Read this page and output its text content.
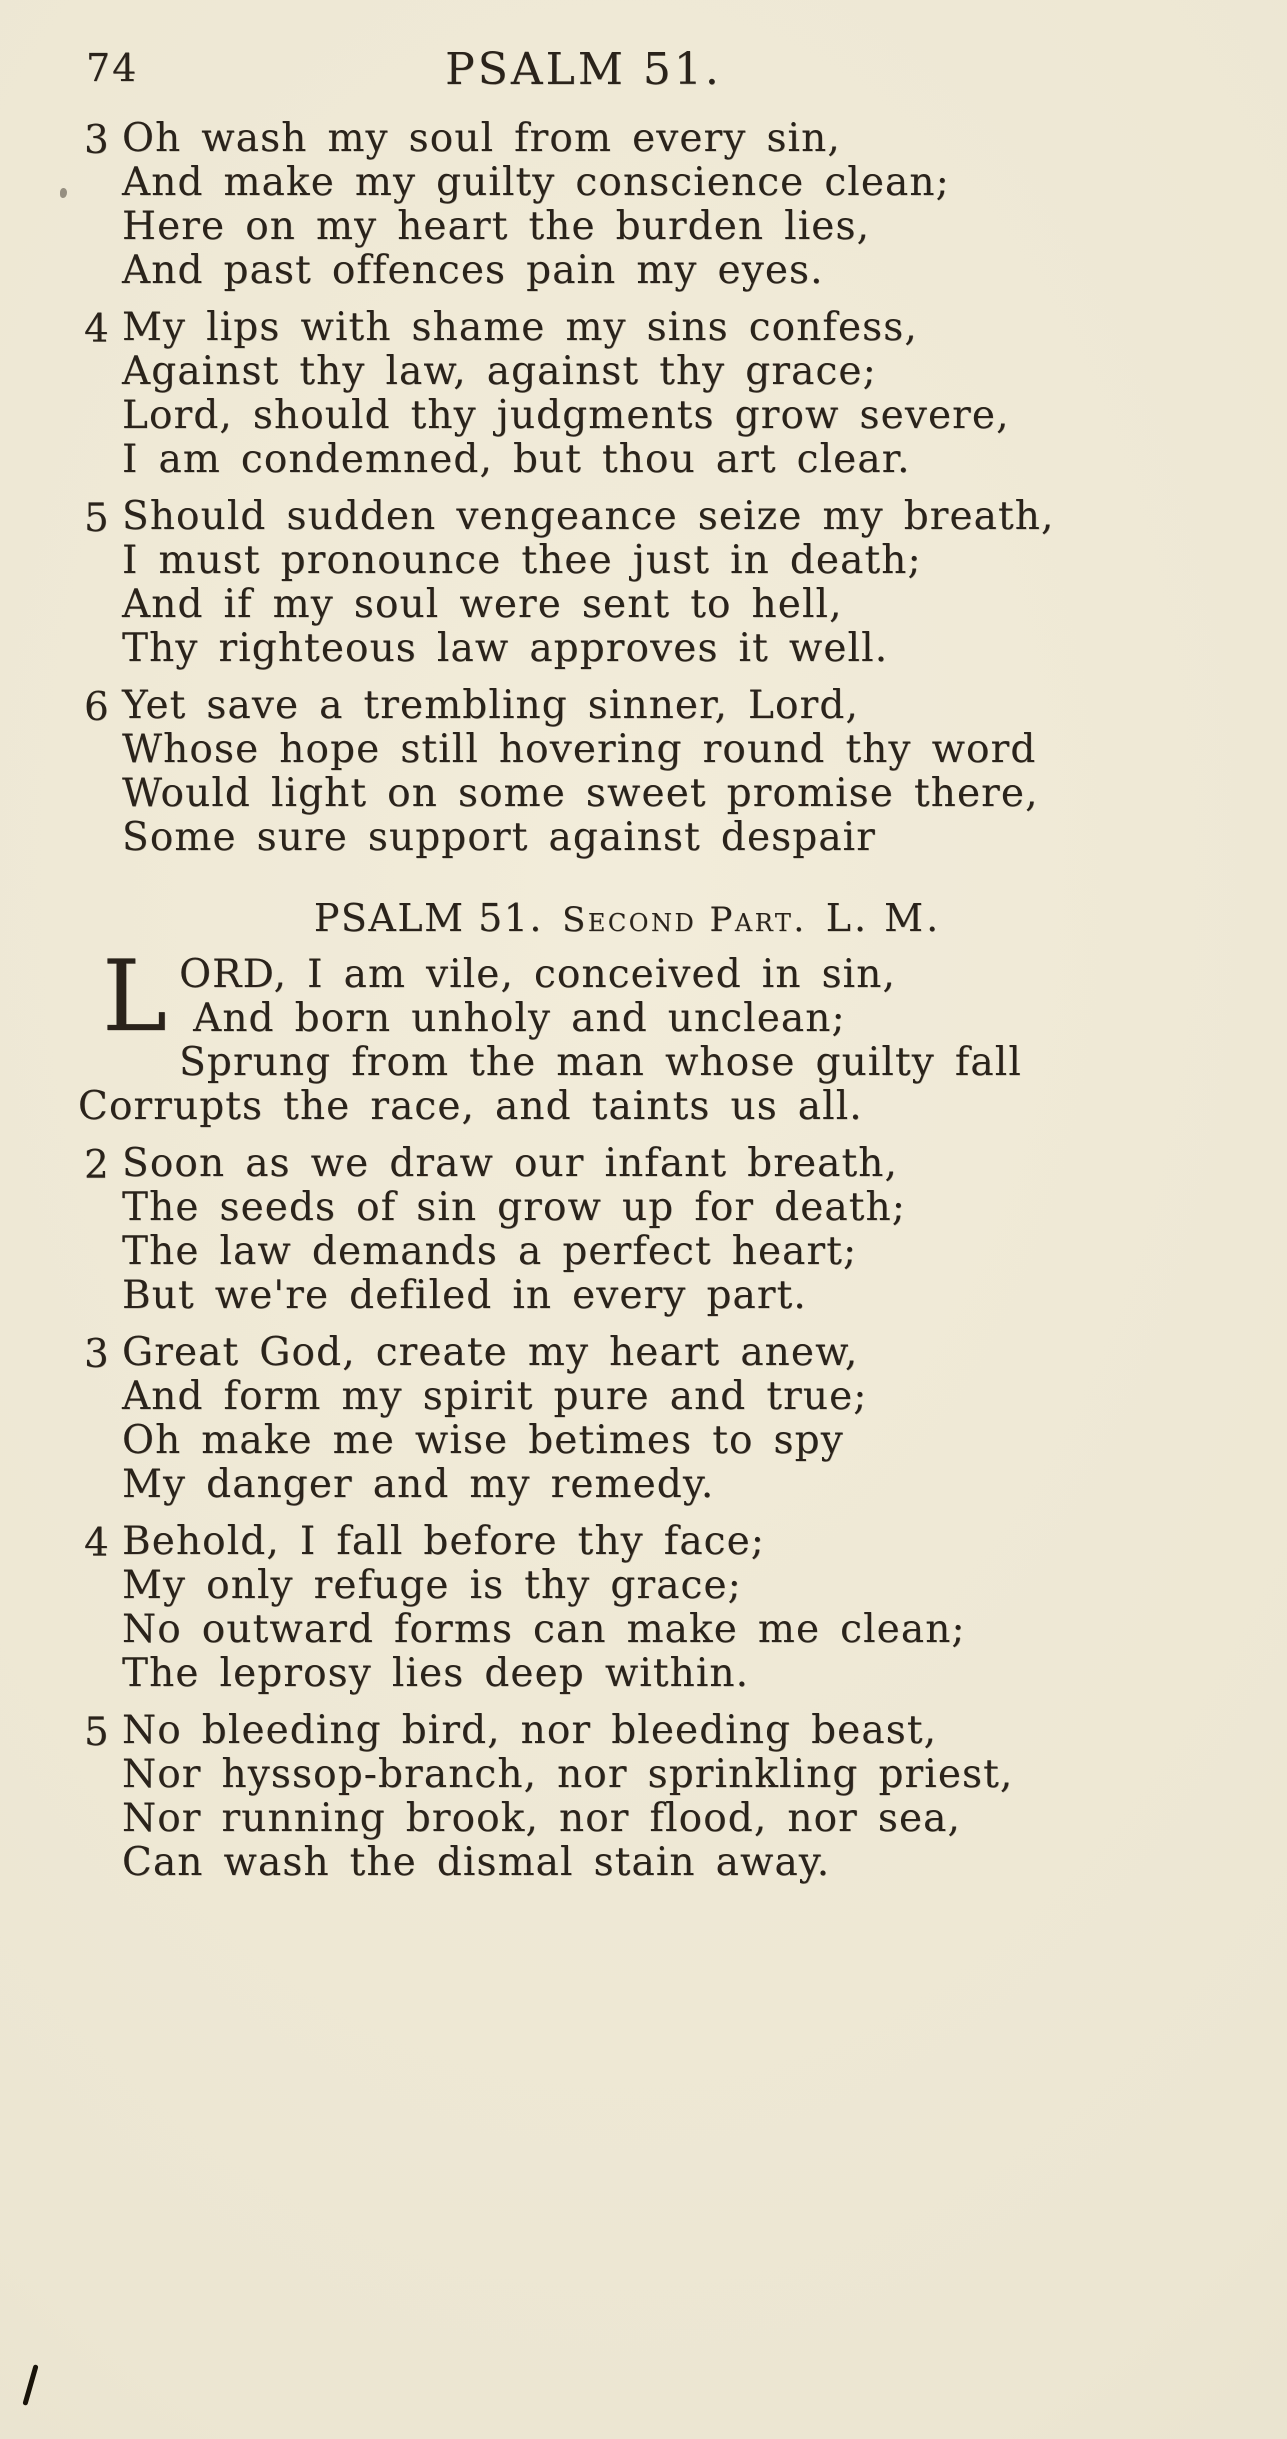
74	PSALM 51.
3 Oh wash my soul from every sin,
And make my guilty conscience clean;
Here on my heart the burden lies,
And past offences pain my eyes.
4 My lips with shame my sins confess,
Against thy law, against thy grace;
Lord, should thy judgments grow severe,
I am condemned, but thou art clear.
5 Should sudden vengeance seize my breath,
I must pronounce thee just in death;
And if my soul were sent to hell,
Thy righteous law approves it well.
6 Yet save a trembling sinner, Lord,
Whose hope still hovering round thy word
Would light on some sweet promise there,
Some sure support against despair
PSALM 51. Second Part. L. M.
L ORD, I am vile, conceived in sin,
And born unholy and unclean;
Sprung from the man whose guilty fall
Corrupts the race, and taints us all.
2 Soon as we draw our infant breath,
The seeds of sin grow up for death;
The law demands a perfect heart;
But we're defiled in every part.
3 Great God, create my heart anew,
And form my spirit pure and true;
Oh make me wise betimes to spy
My danger and my remedy.
4 Behold, I fall before thy face;
My only refuge is thy grace;
No outward forms can make me clean;
The leprosy lies deep within.
5 No bleeding bird, nor bleeding beast,
Nor hyssop-branch, nor sprinkling priest,
Nor running brook, nor flood, nor sea,
Can wash the dismal stain away.
